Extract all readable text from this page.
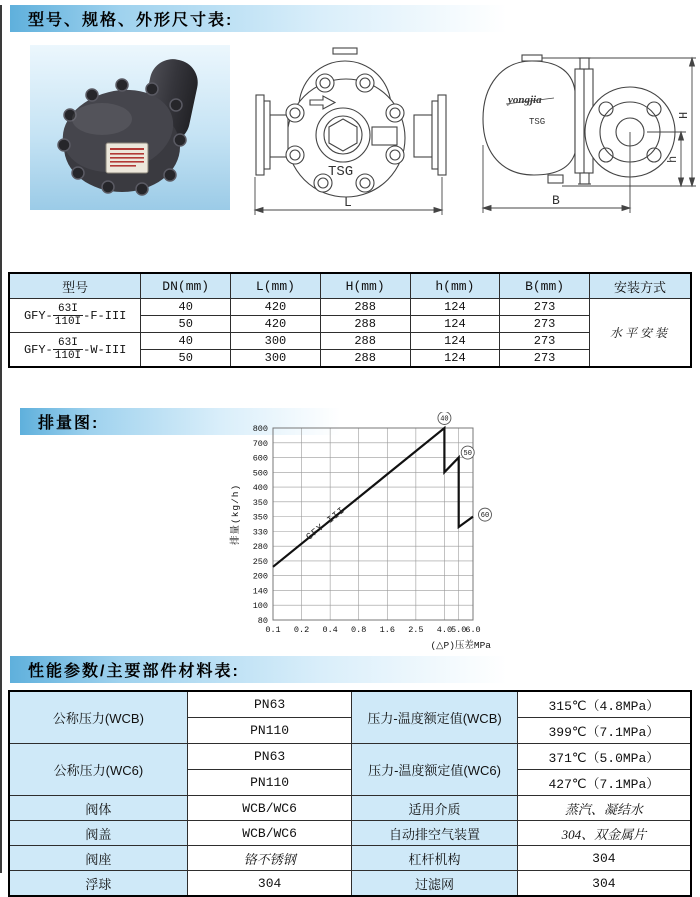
型号、规格、外形尺寸表:
TSG
L
yongjia
TSG
H
h
B
型号	DN(mm)	L(mm)	H(mm)	h(mm)	B(mm)	安装方式
$GFY- \frac{63I}{110I} -F-III$	40	420	288	124	273	水平安装
	50	420	288	124	273	
$GFY- \frac{63I}{110I} -W-III$	40	300	288	124	273	
	50	300	288	124	273	
排量图:	800
700
600
500
400
350
350
330
280
250
200
140
100
80
0.1 0.2 0.4 0.8 1.6 2.5 4.0
5.0
6.0
40
50
60
GFY-III
排量(kg/h)
(△P)压差MPa
性能参数/主要部件材料表:
公称压力(WCB)	PN63	压力-温度额定值(WCB)	315℃（4.8MPa）
	PN110		399℃（7.1MPa）
公称压力(WC6)	PN63	压力-温度额定值(WC6)	371℃（5.0MPa）
	PN110		427℃（7.1MPa）
阀体	WCB/WC6	适用介质	蒸汽、凝结水
阀盖	WCB/WC6	自动排空气装置	304、双金属片
阀座	铬不锈钢	杠杆机构	304
浮球	304	过滤网	304
